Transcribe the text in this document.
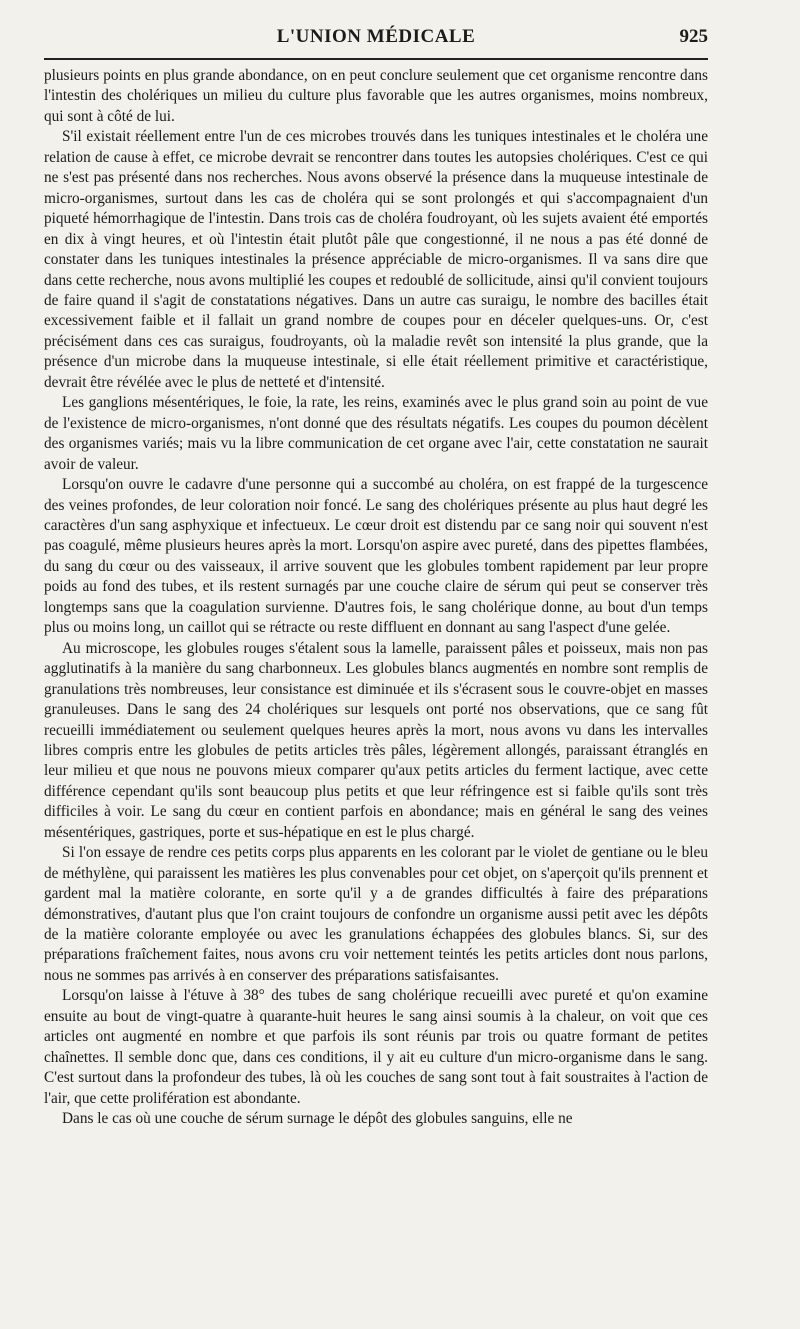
L'UNION MÉDICALE	925

plusieurs points en plus grande abondance, on en peut conclure seulement que cet organisme rencontre dans l'intestin des cholériques un milieu du culture plus favorable que les autres organismes, moins nombreux, qui sont à côté de lui.

S'il existait réellement entre l'un de ces microbes trouvés dans les tuniques intestinales et le choléra une relation de cause à effet, ce microbe devrait se rencontrer dans toutes les autopsies cholériques. C'est ce qui ne s'est pas présenté dans nos recherches. Nous avons observé la présence dans la muqueuse intestinale de micro-organismes, surtout dans les cas de choléra qui se sont prolongés et qui s'accompagnaient d'un piqueté hémorrhagique de l'intestin. Dans trois cas de choléra foudroyant, où les sujets avaient été emportés en dix à vingt heures, et où l'intestin était plutôt pâle que congestionné, il ne nous a pas été donné de constater dans les tuniques intestinales la présence appréciable de micro-organismes. Il va sans dire que dans cette recherche, nous avons multiplié les coupes et redoublé de sollicitude, ainsi qu'il convient toujours de faire quand il s'agit de constatations négatives. Dans un autre cas suraigu, le nombre des bacilles était excessivement faible et il fallait un grand nombre de coupes pour en déceler quelques-uns. Or, c'est précisément dans ces cas suraigus, foudroyants, où la maladie revêt son intensité la plus grande, que la présence d'un microbe dans la muqueuse intestinale, si elle était réellement primitive et caractéristique, devrait être révélée avec le plus de netteté et d'intensité.

Les ganglions mésentériques, le foie, la rate, les reins, examinés avec le plus grand soin au point de vue de l'existence de micro-organismes, n'ont donné que des résultats négatifs. Les coupes du poumon décèlent des organismes variés; mais vu la libre communication de cet organe avec l'air, cette constatation ne saurait avoir de valeur.

Lorsqu'on ouvre le cadavre d'une personne qui a succombé au choléra, on est frappé de la turgescence des veines profondes, de leur coloration noir foncé. Le sang des cholériques présente au plus haut degré les caractères d'un sang asphyxique et infectueux. Le cœur droit est distendu par ce sang noir qui souvent n'est pas coagulé, même plusieurs heures après la mort. Lorsqu'on aspire avec pureté, dans des pipettes flambées, du sang du cœur ou des vaisseaux, il arrive souvent que les globules tombent rapidement par leur propre poids au fond des tubes, et ils restent surnagés par une couche claire de sérum qui peut se conserver très longtemps sans que la coagulation survienne. D'autres fois, le sang cholérique donne, au bout d'un temps plus ou moins long, un caillot qui se rétracte ou reste diffluent en donnant au sang l'aspect d'une gelée.

Au microscope, les globules rouges s'étalent sous la lamelle, paraissent pâles et poisseux, mais non pas agglutinatifs à la manière du sang charbonneux. Les globules blancs augmentés en nombre sont remplis de granulations très nombreuses, leur consistance est diminuée et ils s'écrasent sous le couvre-objet en masses granuleuses. Dans le sang des 24 cholériques sur lesquels ont porté nos observations, que ce sang fût recueilli immédiatement ou seulement quelques heures après la mort, nous avons vu dans les intervalles libres compris entre les globules de petits articles très pâles, légèrement allongés, paraissant étranglés en leur milieu et que nous ne pouvons mieux comparer qu'aux petits articles du ferment lactique, avec cette différence cependant qu'ils sont beaucoup plus petits et que leur réfringence est si faible qu'ils sont très difficiles à voir. Le sang du cœur en contient parfois en abondance; mais en général le sang des veines mésentériques, gastriques, porte et sus-hépatique en est le plus chargé.

Si l'on essaye de rendre ces petits corps plus apparents en les colorant par le violet de gentiane ou le bleu de méthylène, qui paraissent les matières les plus convenables pour cet objet, on s'aperçoit qu'ils prennent et gardent mal la matière colorante, en sorte qu'il y a de grandes difficultés à faire des préparations démonstratives, d'autant plus que l'on craint toujours de confondre un organisme aussi petit avec les dépôts de la matière colorante employée ou avec les granulations échappées des globules blancs. Si, sur des préparations fraîchement faites, nous avons cru voir nettement teintés les petits articles dont nous parlons, nous ne sommes pas arrivés à en conserver des préparations satisfaisantes.

Lorsqu'on laisse à l'étuve à 38° des tubes de sang cholérique recueilli avec pureté et qu'on examine ensuite au bout de vingt-quatre à quarante-huit heures le sang ainsi soumis à la chaleur, on voit que ces articles ont augmenté en nombre et que parfois ils sont réunis par trois ou quatre formant de petites chaînettes. Il semble donc que, dans ces conditions, il y ait eu culture d'un micro-organisme dans le sang. C'est surtout dans la profondeur des tubes, là où les couches de sang sont tout à fait soustraites à l'action de l'air, que cette prolifération est abondante.

Dans le cas où une couche de sérum surnage le dépôt des globules sanguins, elle ne
